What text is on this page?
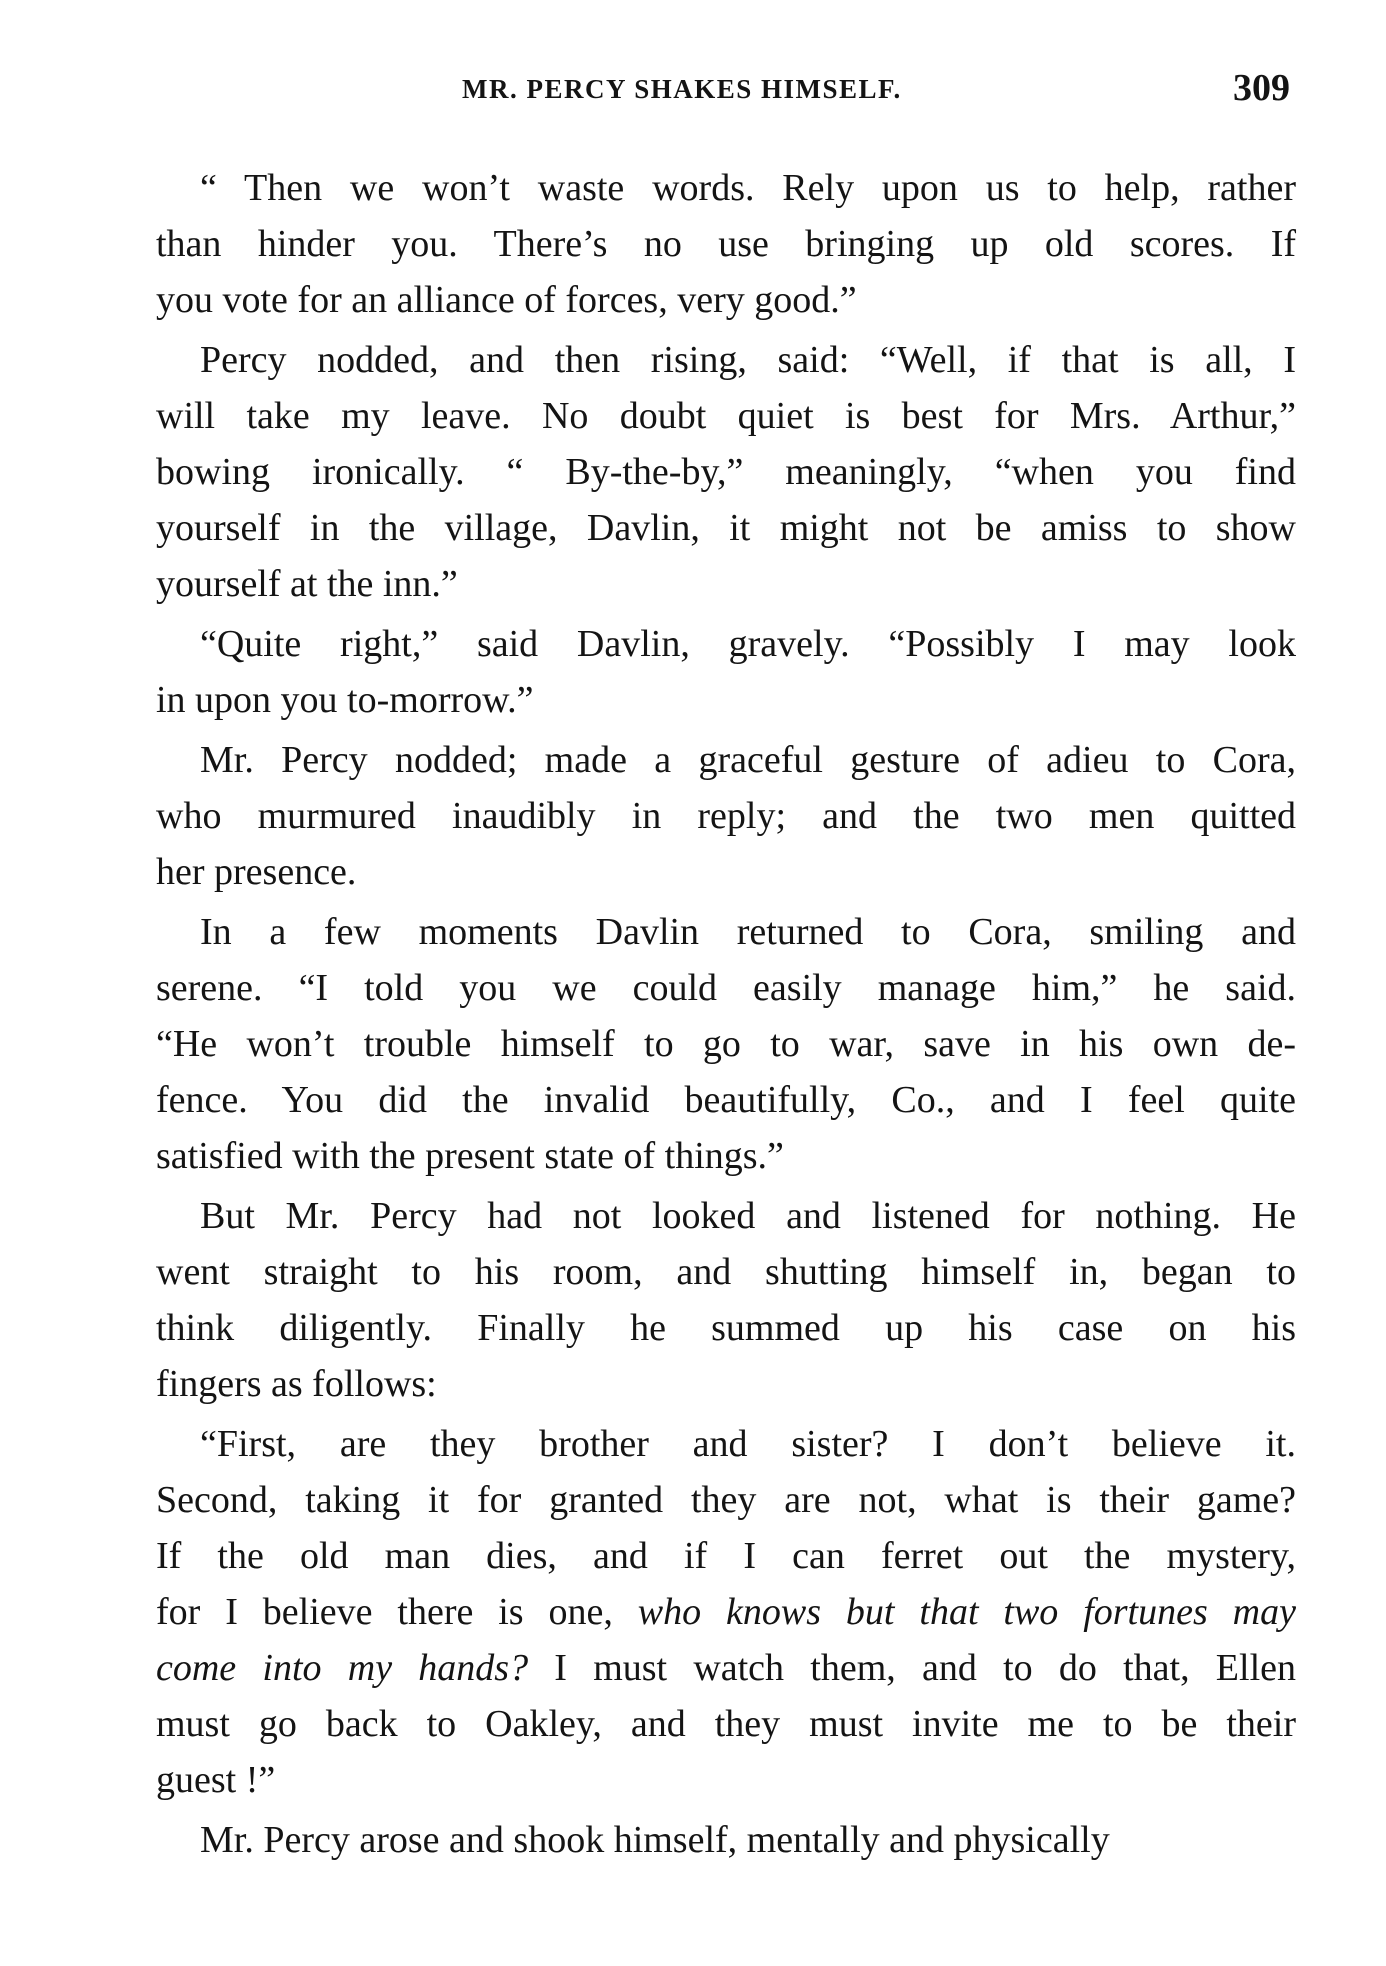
MR. PERCY SHAKES HIMSELF.	309

“ Then we won’t waste words. Rely upon us to help, rather
than hinder you. There’s no use bringing up old scores. If
you vote for an alliance of forces, very good.”

Percy nodded, and then rising, said: “Well, if that is all, I
will take my leave. No doubt quiet is best for Mrs. Arthur,”
bowing ironically. “ By-the-by,” meaningly, “when you find
yourself in the village, Davlin, it might not be amiss to show
yourself at the inn.”

“Quite right,” said Davlin, gravely. “Possibly I may look
in upon you to-morrow.”

Mr. Percy nodded; made a graceful gesture of adieu to Cora,
who murmured inaudibly in reply; and the two men quitted
her presence.

In a few moments Davlin returned to Cora, smiling and
serene. “I told you we could easily manage him,” he said.
“He won’t trouble himself to go to war, save in his own de-
fence. You did the invalid beautifully, Co., and I feel quite
satisfied with the present state of things.”

But Mr. Percy had not looked and listened for nothing. He
went straight to his room, and shutting himself in, began to
think diligently. Finally he summed up his case on his
fingers as follows:

“First, are they brother and sister? I don’t believe it.
Second, taking it for granted they are not, what is their game?
If the old man dies, and if I can ferret out the mystery,
for I believe there is one, who knows but that two fortunes may
come into my hands? I must watch them, and to do that, Ellen
must go back to Oakley, and they must invite me to be their
guest !”

Mr. Percy arose and shook himself, mentally and physically
